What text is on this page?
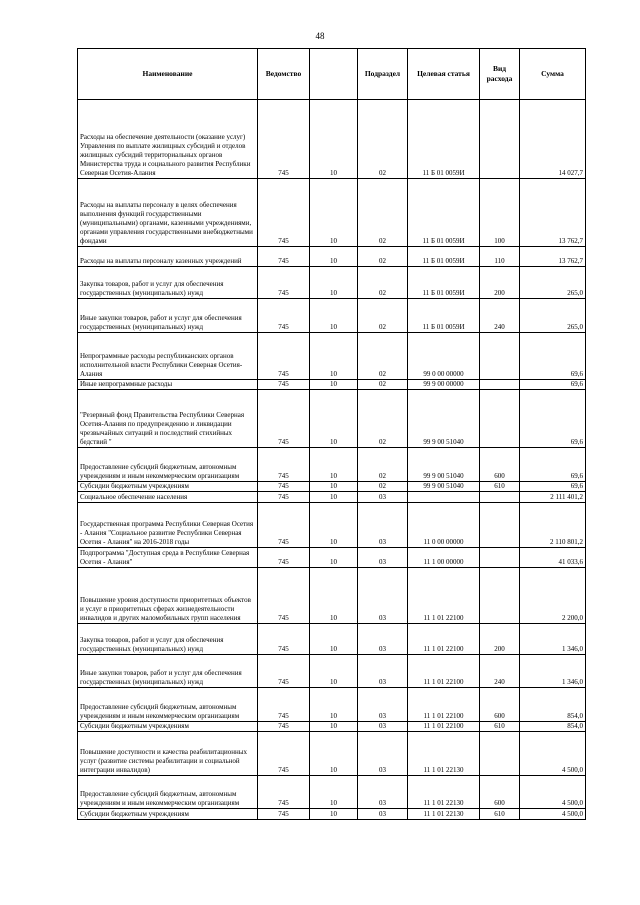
48
Наименование	Ведомство		Подраздел	Целевая статья	Вид расхода	Сумма
Расходы на обеспечение деятельности (оказание услуг) Управления по выплате жилищных субсидий и отделов жилищных субсидий территориальных органов Министерства труда и социального развития Республики Северная Осетия-Алания	745	10	02	11 Б 01 0059И		14 027,7
Расходы на выплаты персоналу в целях обеспечения выполнения функций государственными (муниципальными) органами, казенными учреждениями, органами управления государственными внебюджетными фондами	745	10	02	11 Б 01 0059И	100	13 762,7
Расходы на выплаты персоналу казенных учреждений	745	10	02	11 Б 01 0059И	110	13 762,7
Закупка товаров, работ и услуг для обеспечения государственных (муниципальных) нужд	745	10	02	11 Б 01 0059И	200	265,0
Иные закупки товаров, работ и услуг для обеспечения государственных (муниципальных) нужд	745	10	02	11 Б 01 0059И	240	265,0
Непрограммные расходы республиканских органов исполнительной власти Республики Северная Осетия-Алания	745	10	02	99 0 00 00000		69,6
Иные непрограммные расходы	745	10	02	99 9 00 00000		69,6
"Резервный фонд Правительства Республики Северная Осетия-Алания по предупреждению и ликвидации чрезвычайных ситуаций и последствий стихийных бедствий "	745	10	02	99 9 00 51040		69,6
Предоставление субсидий бюджетным, автономным учреждениям и иным некоммерческим организациям	745	10	02	99 9 00 51040	600	69,6
Субсидии бюджетным учреждениям	745	10	02	99 9 00 51040	610	69,6
Социальное обеспечение населения	745	10	03			2 111 401,2
Государственная программа Республики Северная Осетия - Алания "Социальное развитие Республики Северная Осетия - Алания" на 2016-2018 годы	745	10	03	11 0 00 00000		2 110 801,2
Подпрограмма "Доступная среда в Республике Северная Осетия - Алания"	745	10	03	11 1 00 00000		41 033,6
Повышение уровня доступности приоритетных объектов и услуг в приоритетных сферах жизнедеятельности инвалидов и других маломобильных групп населения	745	10	03	11 1 01 22100		2 200,0
Закупка товаров, работ и услуг для обеспечения государственных (муниципальных) нужд	745	10	03	11 1 01 22100	200	1 346,0
Иные закупки товаров, работ и услуг для обеспечения государственных (муниципальных) нужд	745	10	03	11 1 01 22100	240	1 346,0
Предоставление субсидий бюджетным, автономным учреждениям и иным некоммерческим организациям	745	10	03	11 1 01 22100	600	854,0
Субсидии бюджетным учреждениям	745	10	03	11 1 01 22100	610	854,0
Повышение доступности и качества реабилитационных услуг (развитие системы реабилитации и социальной интеграции инвалидов)	745	10	03	11 1 01 22130		4 500,0
Предоставление субсидий бюджетным, автономным учреждениям и иным некоммерческим организациям	745	10	03	11 1 01 22130	600	4 500,0
Субсидии бюджетным учреждениям	745	10	03	11 1 01 22130	610	4 500,0
